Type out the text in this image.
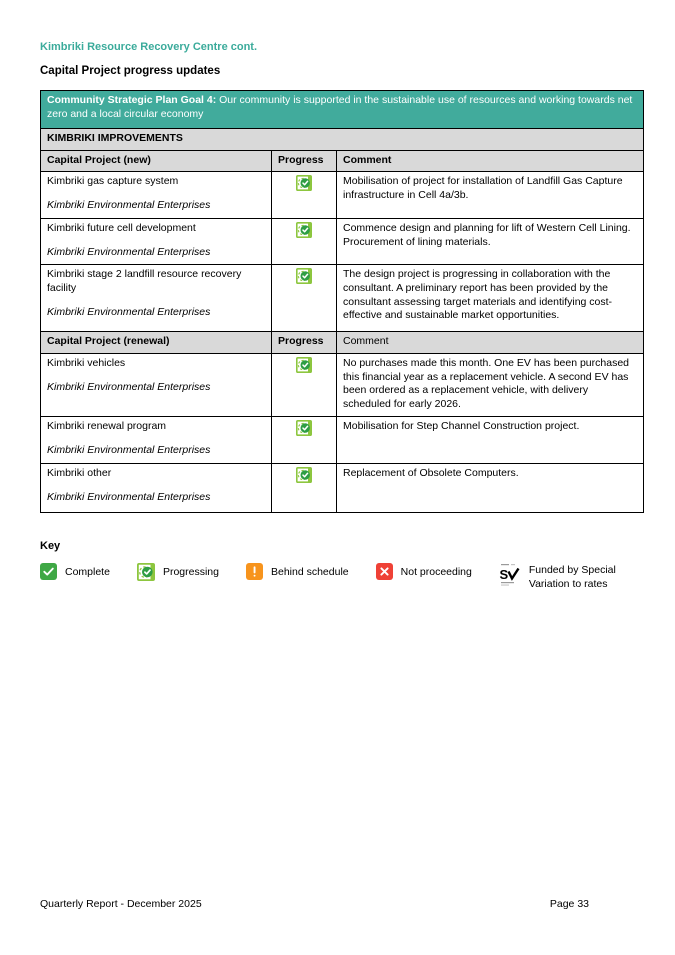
Kimbriki Resource Recovery Centre cont.
Capital Project progress updates
Community Strategic Plan Goal 4: Our community is supported in the sustainable use of resources and working towards net zero and a local circular economy		
KIMBRIKI IMPROVEMENTS		
Capital Project (new)	Progress	Comment

Kimbriki gas capture system
Kimbriki Environmental Enterprises		Mobilisation of project for installation of Landfill Gas Capture infrastructure in Cell 4a/3b.

Kimbriki future cell development
Kimbriki Environmental Enterprises		Commence design and planning for lift of Western Cell Lining. Procurement of lining materials.

Kimbriki stage 2 landfill resource recovery facility
Kimbriki Environmental Enterprises		The design project is progressing in collaboration with the consultant. A preliminary report has been provided by the consultant assessing target materials and identifying cost-effective and sustainable market opportunities.
Capital Project (renewal)	Progress	Comment

Kimbriki vehicles
Kimbriki Environmental Enterprises		No purchases made this month. One EV has been purchased this financial year as a replacement vehicle. A second EV has been ordered as a replacement vehicle, with delivery scheduled for early 2026.

Kimbriki renewal program
Kimbriki Environmental Enterprises		Mobilisation for Step Channel Construction project.

Kimbriki other
Kimbriki Environmental Enterprises		Replacement of Obsolete Computers.
Key
Complete	Progressing	Behind schedule	Not proceeding S Funded by Special Variation to rates
Quarterly Report - December 2025	Page 33
